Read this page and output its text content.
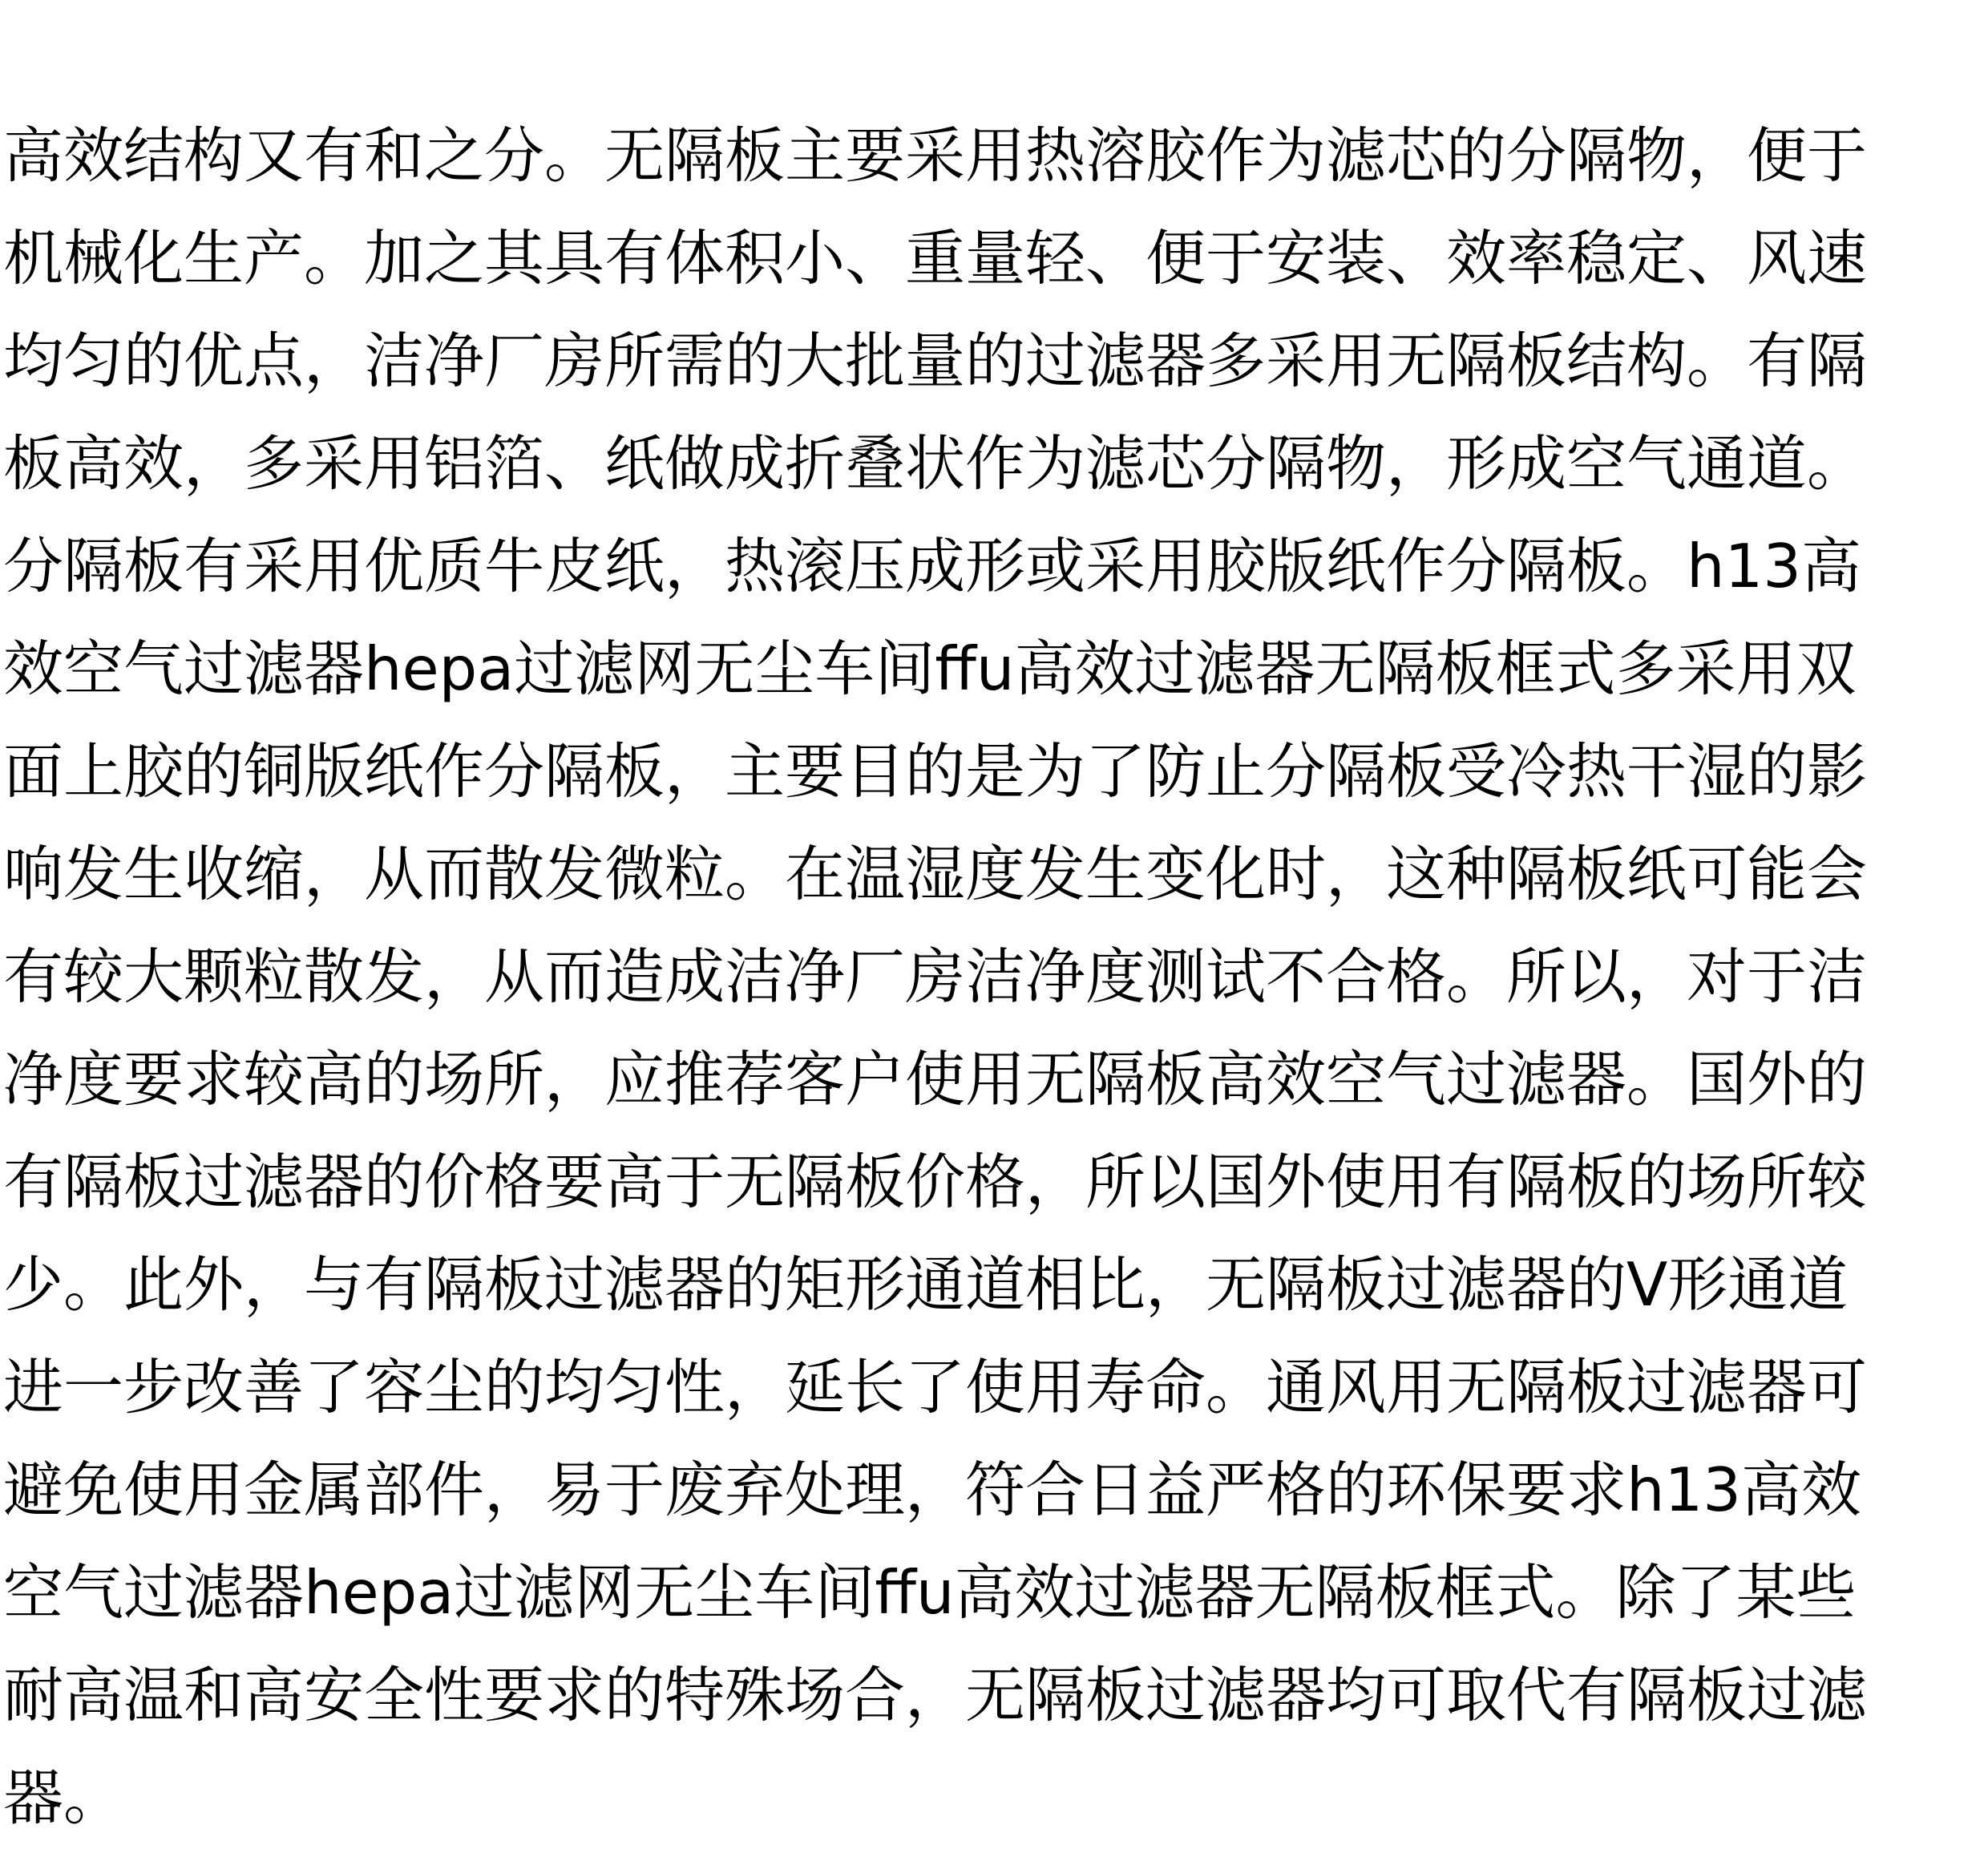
高效结构又有和之分。无隔板主要采用热溶胶作为滤芯的分隔物，便于
机械化生产。加之其具有体积小、重量轻、便于安装、效率稳定、风速
均匀的优点，洁净厂房所需的大批量的过滤器多采用无隔板结构。有隔
板高效，多采用铝箔、纸做成折叠状作为滤芯分隔物，形成空气通道。
分隔板有采用优质牛皮纸，热滚压成形或采用胶版纸作分隔板。h13高
效空气过滤器hepa过滤网无尘车间ffu高效过滤器无隔板框式多采用双
面上胶的铜版纸作分隔板，主要目的是为了防止分隔板受冷热干湿的影
响发生收缩，从而散发微粒。在温湿度发生变化时，这种隔板纸可能会
有较大颗粒散发，从而造成洁净厂房洁净度测试不合格。所以，对于洁
净度要求较高的场所，应推荐客户使用无隔板高效空气过滤器。国外的
有隔板过滤器的价格要高于无隔板价格，所以国外使用有隔板的场所较
少。此外，与有隔板过滤器的矩形通道相比，无隔板过滤器的V形通道
进一步改善了容尘的均匀性，延长了使用寿命。通风用无隔板过滤器可
避免使用金属部件，易于废弃处理，符合日益严格的环保要求h13高效
空气过滤器hepa过滤网无尘车间ffu高效过滤器无隔板框式。除了某些
耐高温和高安全性要求的特殊场合，无隔板过滤器均可取代有隔板过滤
器。
